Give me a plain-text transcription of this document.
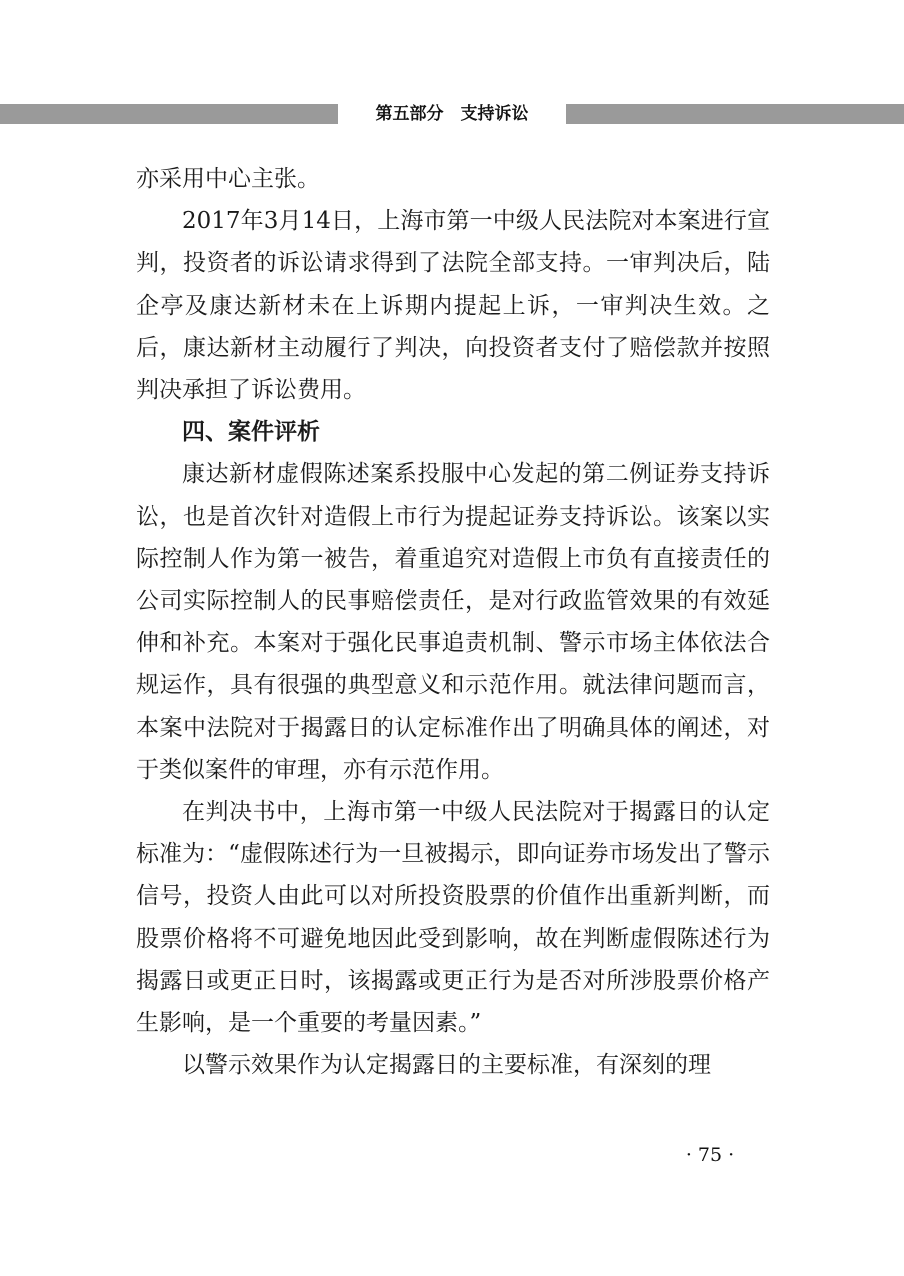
第五部分　支持诉讼

亦采用中心主张。

2017年3月14日，上海市第一中级人民法院对本案进行宣判，投资者的诉讼请求得到了法院全部支持。一审判决后，陆企亭及康达新材未在上诉期内提起上诉，一审判决生效。之后，康达新材主动履行了判决，向投资者支付了赔偿款并按照判决承担了诉讼费用。

四、案件评析

康达新材虚假陈述案系投服中心发起的第二例证券支持诉讼，也是首次针对造假上市行为提起证券支持诉讼。该案以实际控制人作为第一被告，着重追究对造假上市负有直接责任的公司实际控制人的民事赔偿责任，是对行政监管效果的有效延伸和补充。本案对于强化民事追责机制、警示市场主体依法合规运作，具有很强的典型意义和示范作用。就法律问题而言，本案中法院对于揭露日的认定标准作出了明确具体的阐述，对于类似案件的审理，亦有示范作用。

在判决书中，上海市第一中级人民法院对于揭露日的认定标准为：“虚假陈述行为一旦被揭示，即向证券市场发出了警示信号，投资人由此可以对所投资股票的价值作出重新判断，而股票价格将不可避免地因此受到影响，故在判断虚假陈述行为揭露日或更正日时，该揭露或更正行为是否对所涉股票价格产生影响，是一个重要的考量因素。”

以警示效果作为认定揭露日的主要标准，有深刻的理

· 75 ·
